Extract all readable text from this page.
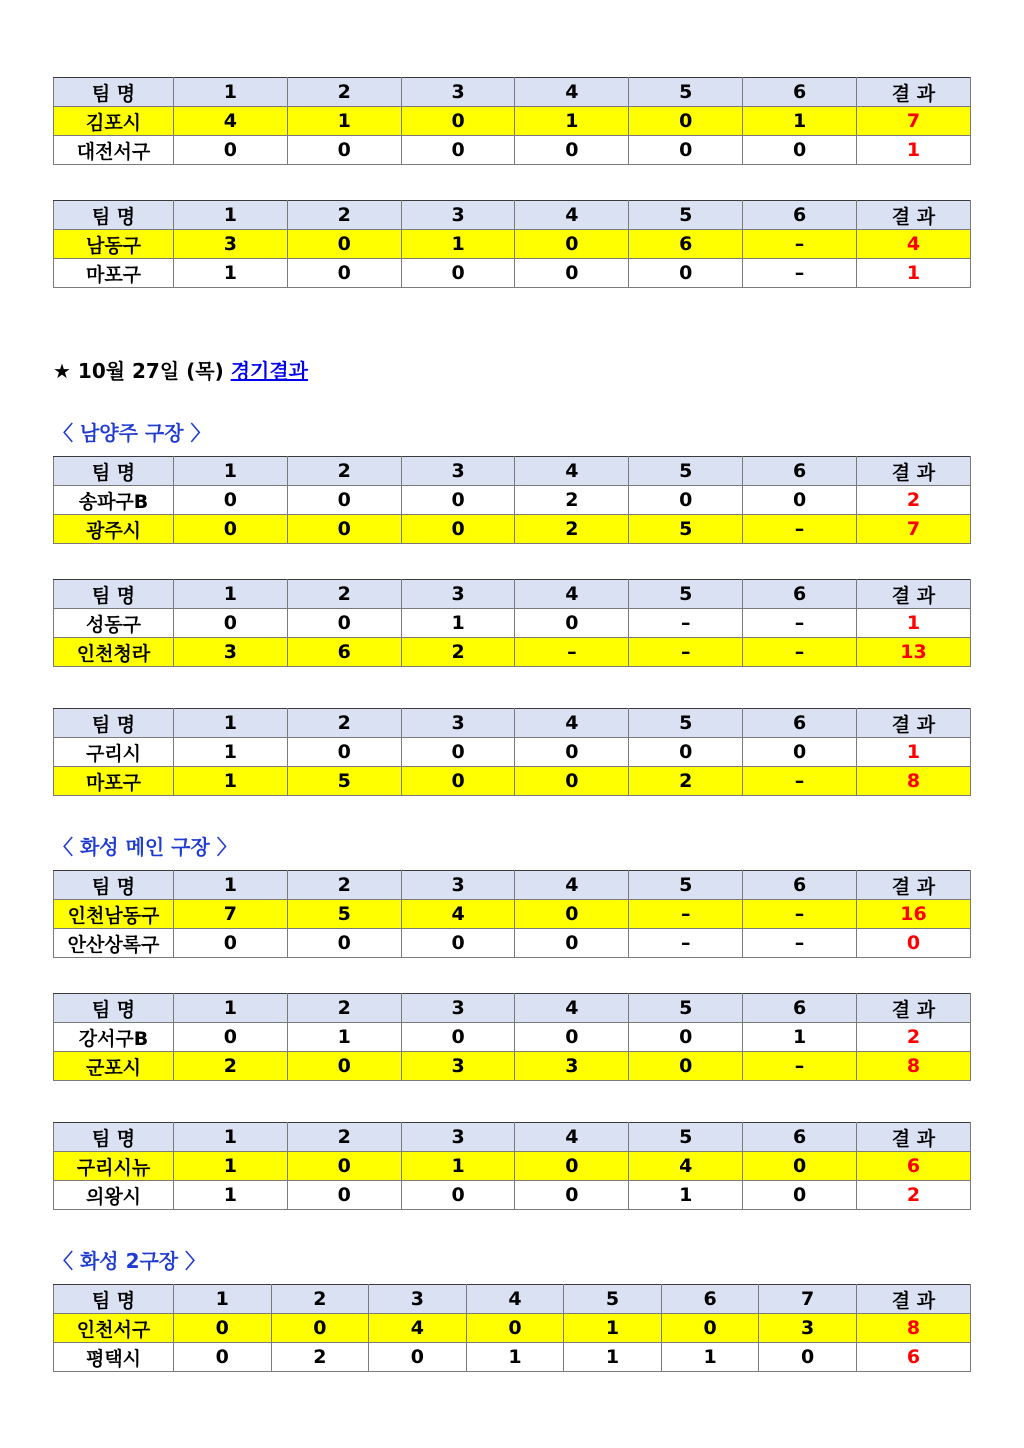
팀 명	1	2	3	4	5	6	결 과
김포시	4	1	0	1	0	1	7
대전서구	0	0	0	0	0	0	1
팀 명	1	2	3	4	5	6	결 과
남동구	3	0	1	0	6	–	4
마포구	1	0	0	0	0	–	1
★ 10월 27일 (목) 경기결과
〈 남양주 구장 〉
팀 명	1	2	3	4	5	6	결 과
송파구B	0	0	0	2	0	0	2
광주시	0	0	0	2	5	–	7
팀 명	1	2	3	4	5	6	결 과
성동구	0	0	1	0	–	–	1
인천청라	3	6	2	–	–	–	13
팀 명	1	2	3	4	5	6	결 과
구리시	1	0	0	0	0	0	1
마포구	1	5	0	0	2	–	8
〈 화성 메인 구장 〉
팀 명	1	2	3	4	5	6	결 과
인천남동구	7	5	4	0	–	–	16
안산상록구	0	0	0	0	–	–	0
팀 명	1	2	3	4	5	6	결 과
강서구B	0	1	0	0	0	1	2
군포시	2	0	3	3	0	–	8
팀 명	1	2	3	4	5	6	결 과
구리시뉴	1	0	1	0	4	0	6
의왕시	1	0	0	0	1	0	2
〈 화성 2구장 〉
팀 명	1	2	3	4	5	6	7	결 과
인천서구	0	0	4	0	1	0	3	8
평택시	0	2	0	1	1	1	0	6
